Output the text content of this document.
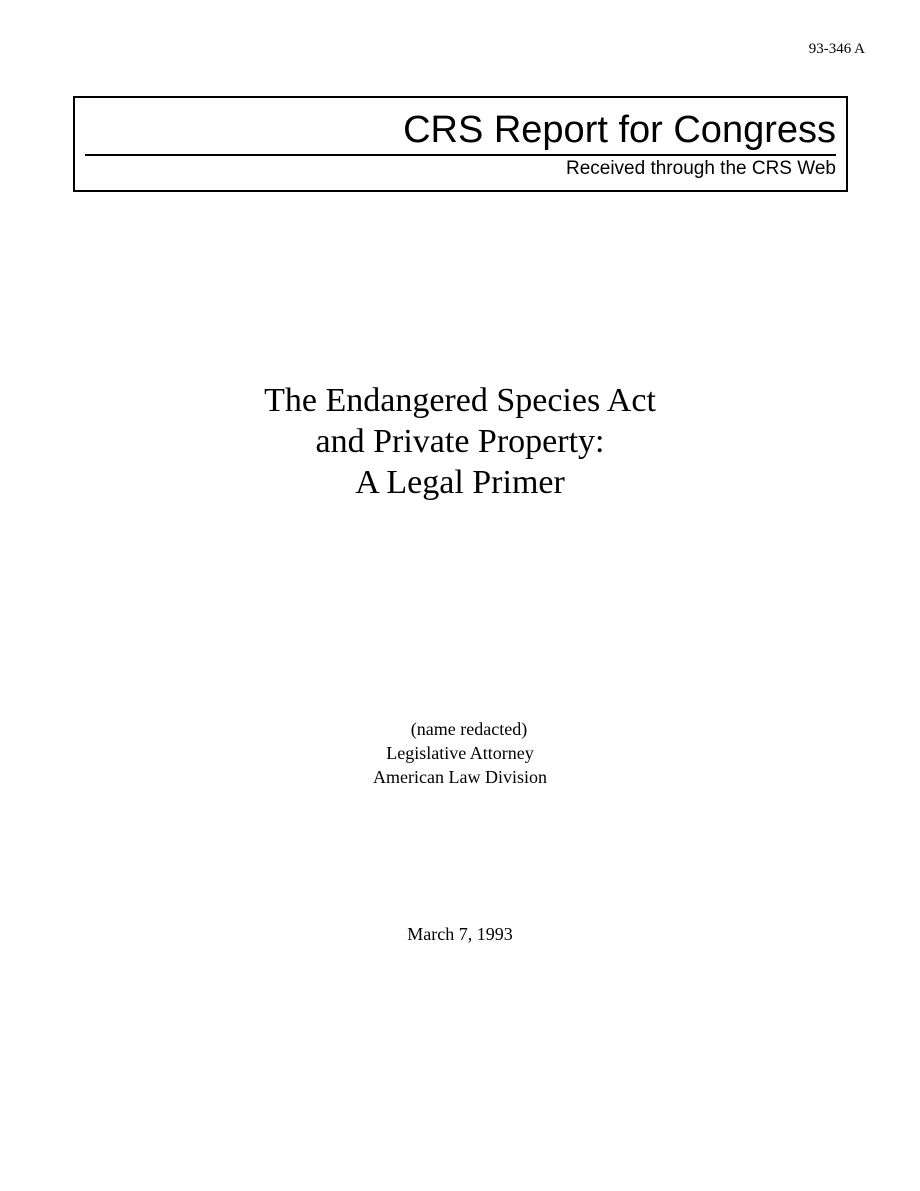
93-346 A
CRS Report for Congress
Received through the CRS Web
The Endangered Species Act
and Private Property:
A Legal Primer
(name redacted)
Legislative Attorney
American Law Division
March 7, 1993
